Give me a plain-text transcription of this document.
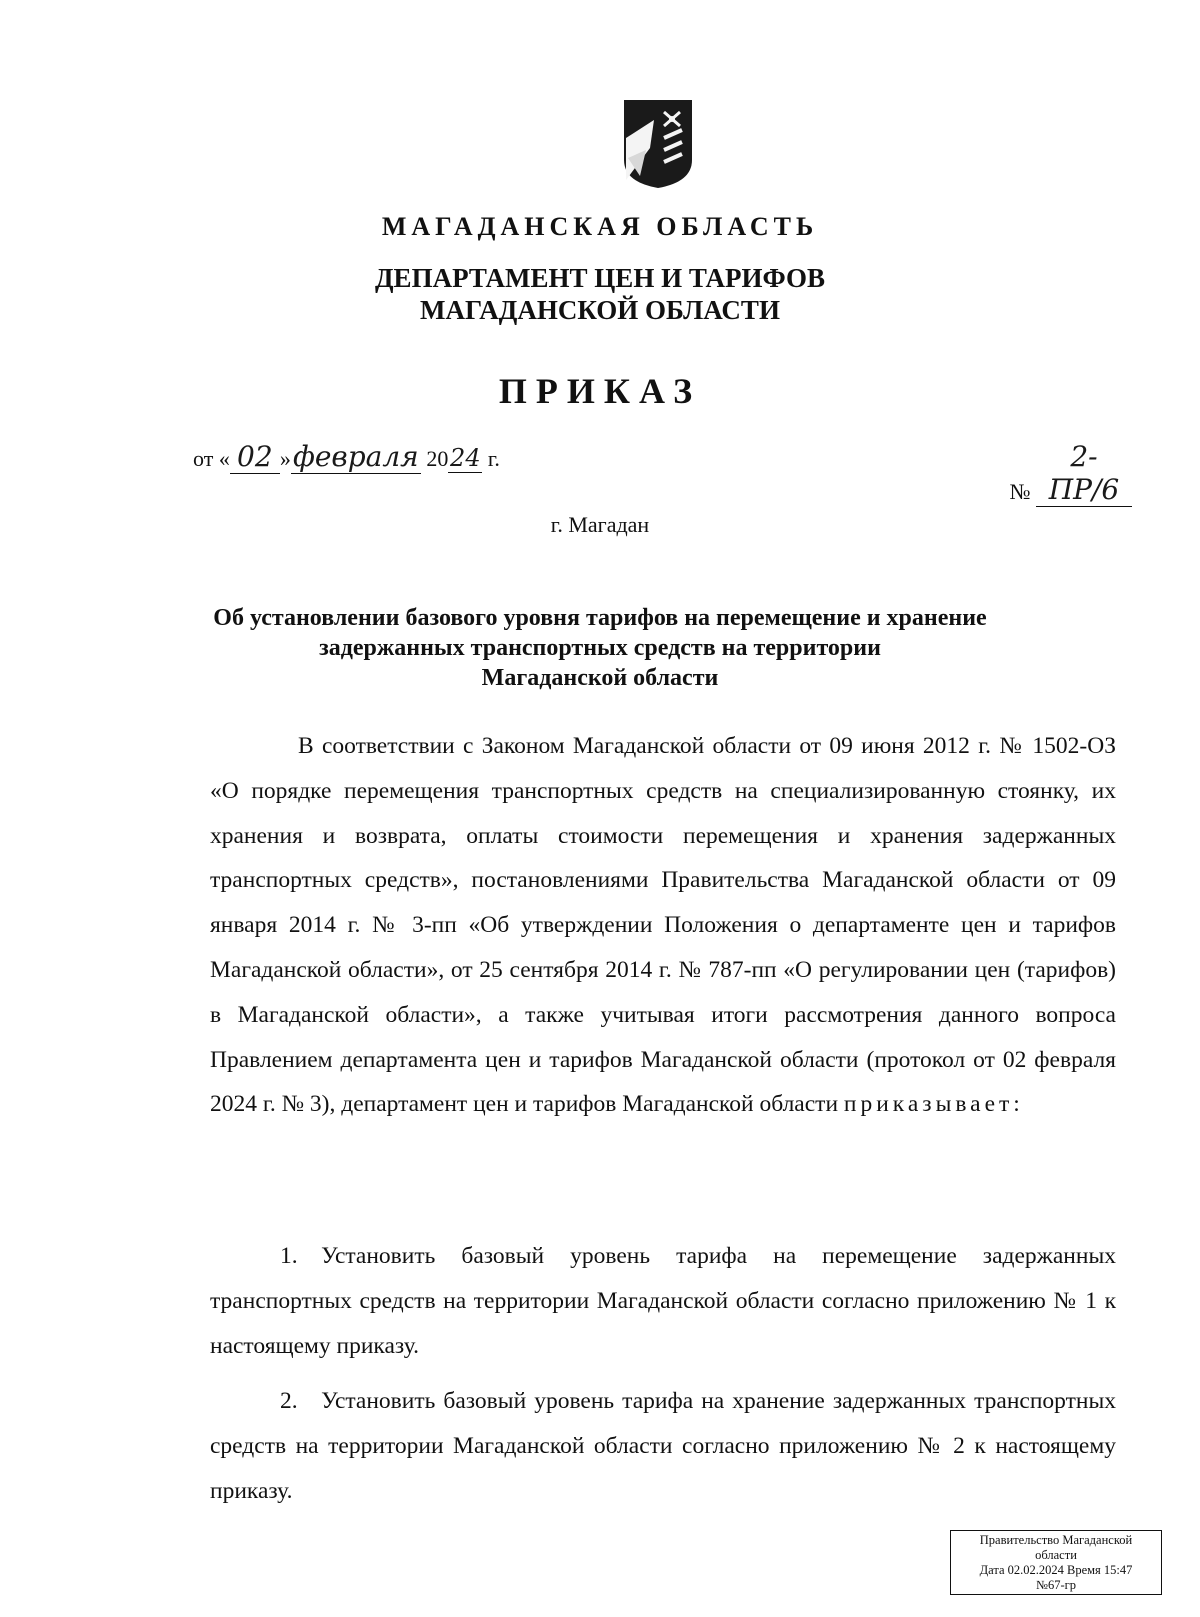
МАГАДАНСКАЯ ОБЛАСТЬ
ДЕПАРТАМЕНТ ЦЕН И ТАРИФОВ
МАГАДАНСКОЙ ОБЛАСТИ
ПРИКАЗ
от « 02 »февраля 2024 г.
№ 2-ПР/6
г. Магадан
Об установлении базового уровня тарифов на перемещение и хранение
задержанных транспортных средств на территории
Магаданской области
В соответствии с Законом Магаданской области от 09 июня 2012 г. № 1502-ОЗ «О порядке перемещения транспортных средств на специализированную стоянку, их хранения и возврата, оплаты стоимости перемещения и хранения задержанных транспортных средств», постановлениями Правительства Магаданской области от 09 января 2014 г. № 3-пп «Об утверждении Положения о департаменте цен и тарифов Магаданской области», от 25 сентября 2014 г. № 787-пп «О регулировании цен (тарифов) в Магаданской области», а также учитывая итоги рассмотрения данного вопроса Правлением департамента цен и тарифов Магаданской области (протокол от 02 февраля 2024 г. № 3), департамент цен и тарифов Магаданской области приказывает:
1. Установить базовый уровень тарифа на перемещение задержанных транспортных средств на территории Магаданской области согласно приложению № 1 к настоящему приказу.
2. Установить базовый уровень тарифа на хранение задержанных транспортных средств на территории Магаданской области согласно приложению № 2 к настоящему приказу.
Правительство Магаданской
области
Дата 02.02.2024 Время 15:47
№67-гр
